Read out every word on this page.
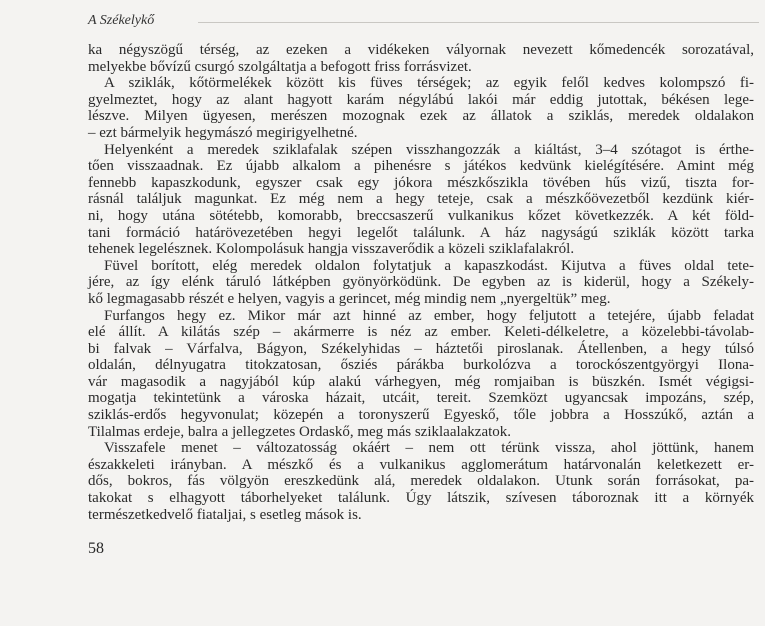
A Székelykő
ka négyszögű térség, az ezeken a vidékeken vályornak nevezett kőmedencék sorozatával,
melyekbe bővízű csurgó szolgáltatja a befogott friss forrásvizet.
A sziklák, kőtörmelékek között kis füves térségek; az egyik felől kedves kolompszó fi-
gyelmeztet, hogy az alant hagyott karám négylábú lakói már eddig jutottak, békésen lege-
lészve. Milyen ügyesen, merészen mozognak ezek az állatok a sziklás, meredek oldalakon
– ezt bármelyik hegymászó megirigyelhetné.
Helyenként a meredek sziklafalak szépen visszhangozzák a kiáltást, 3–4 szótagot is érthe-
tően visszaadnak. Ez újabb alkalom a pihenésre s játékos kedvünk kielégítésére. Amint még
fennebb kapaszkodunk, egyszer csak egy jókora mészkőszikla tövében hűs vizű, tiszta for-
rásnál találjuk magunkat. Ez még nem a hegy teteje, csak a mészkőövezetből kezdünk kiér-
ni, hogy utána sötétebb, komorabb, breccsaszerű vulkanikus kőzet következzék. A két föld-
tani formáció határövezetében hegyi legelőt találunk. A ház nagyságú sziklák között tarka
tehenek legelésznek. Kolompolásuk hangja visszaverődik a közeli sziklafalakról.
Füvel borított, elég meredek oldalon folytatjuk a kapaszkodást. Kijutva a füves oldal tete-
jére, az így elénk táruló látképben gyönyörködünk. De egyben az is kiderül, hogy a Székely-
kő legmagasabb részét e helyen, vagyis a gerincet, még mindig nem „nyergeltük” meg.
Furfangos hegy ez. Mikor már azt hinné az ember, hogy feljutott a tetejére, újabb feladat
elé állít. A kilátás szép – akármerre is néz az ember. Keleti-délkeletre, a közelebbi-távolab-
bi falvak – Várfalva, Bágyon, Székelyhidas – háztetői piroslanak. Átellenben, a hegy túlsó
oldalán, délnyugatra titokzatosan, ősziés párákba burkolózva a torockószentgyörgyi Ilona-
vár magasodik a nagyjából kúp alakú várhegyen, még romjaiban is büszkén. Ismét végigsi-
mogatja tekintetünk a városka házait, utcáit, tereit. Szemközt ugyancsak impozáns, szép,
sziklás-erdős hegyvonulat; közepén a toronyszerű Egyeskő, tőle jobbra a Hosszúkő, aztán a
Tilalmas erdeje, balra a jellegzetes Ordaskő, meg más sziklaalakzatok.
Visszafele menet – változatosság okáért – nem ott térünk vissza, ahol jöttünk, hanem
északkeleti irányban. A mészkő és a vulkanikus agglomerátum határvonalán keletkezett er-
dős, bokros, fás völgyön ereszkedünk alá, meredek oldalakon. Utunk során forrásokat, pa-
takokat s elhagyott táborhelyeket találunk. Úgy látszik, szívesen táboroznak itt a környék
természetkedvelő fiataljai, s esetleg mások is.
58
